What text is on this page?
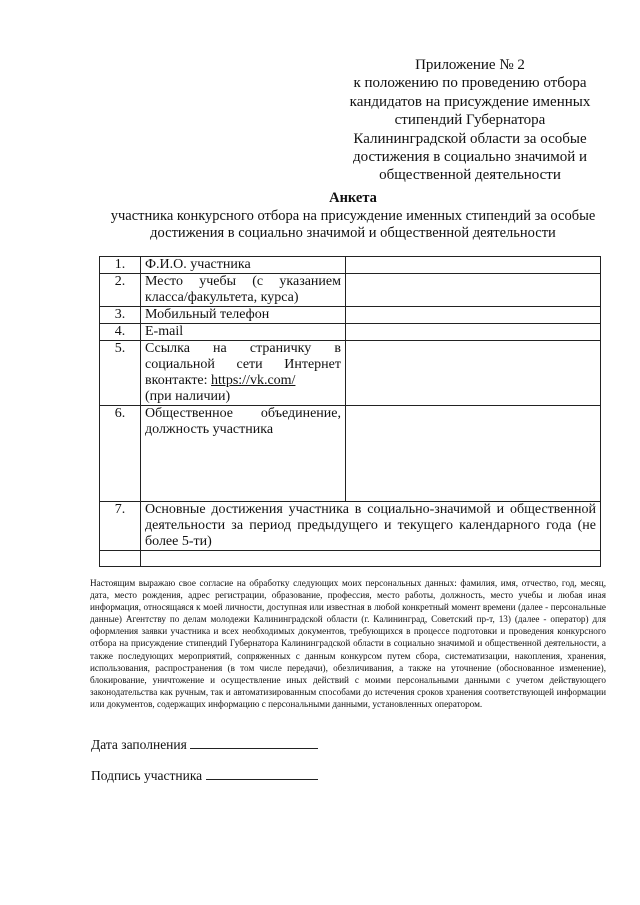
Приложение № 2
к положению по проведению отбора
кандидатов на присуждение именных
стипендий Губернатора
Калининградской области за особые
достижения в социально значимой и
общественной деятельности
Анкета
участника конкурсного отбора на присуждение именных стипендий за особые достижения в социально значимой и общественной деятельности
1.	Ф.И.О. участника	
2.	Место учебы (с указанием класса/факультета, курса)	
3.	Мобильный телефон	
4.	E-mail	
5.	Ссылка на страничку в социальной сети Интернет вконтакте: https://vk.com/
(при наличии)	
6.	Общественное объединение, должность участника	
7.	Основные достижения участника в социально-значимой и общественной деятельности за период предыдущего и текущего календарного года (не более 5-ти)	

Настоящим выражаю свое согласие на обработку следующих моих персональных данных: фамилия, имя, отчество, год, месяц, дата, место рождения, адрес регистрации, образование, профессия, место работы, должность, место учебы и любая иная информация, относящаяся к моей личности, доступная или известная в любой конкретный момент времени (далее - персональные данные) Агентству по делам молодежи Калининградской области (г. Калининград, Советский пр-т, 13) (далее - оператор) для оформления заявки участника и всех необходимых документов, требующихся в процессе подготовки и проведения конкурсного отбора на присуждение стипендий Губернатора Калининградской области в социально значимой и общественной деятельности, а также последующих мероприятий, сопряженных с данным конкурсом путем сбора, систематизации, накопления, хранения, использования, распространения (в том числе передачи), обезличивания, а также на уточнение (обоснованное изменение), блокирование, уничтожение и осуществление иных действий с моими персональными данными с учетом действующего законодательства как ручным, так и автоматизированным способами до истечения сроков хранения соответствующей информации или документов, содержащих информацию с персональными данными, установленных оператором.
Дата заполнения
Подпись участника
